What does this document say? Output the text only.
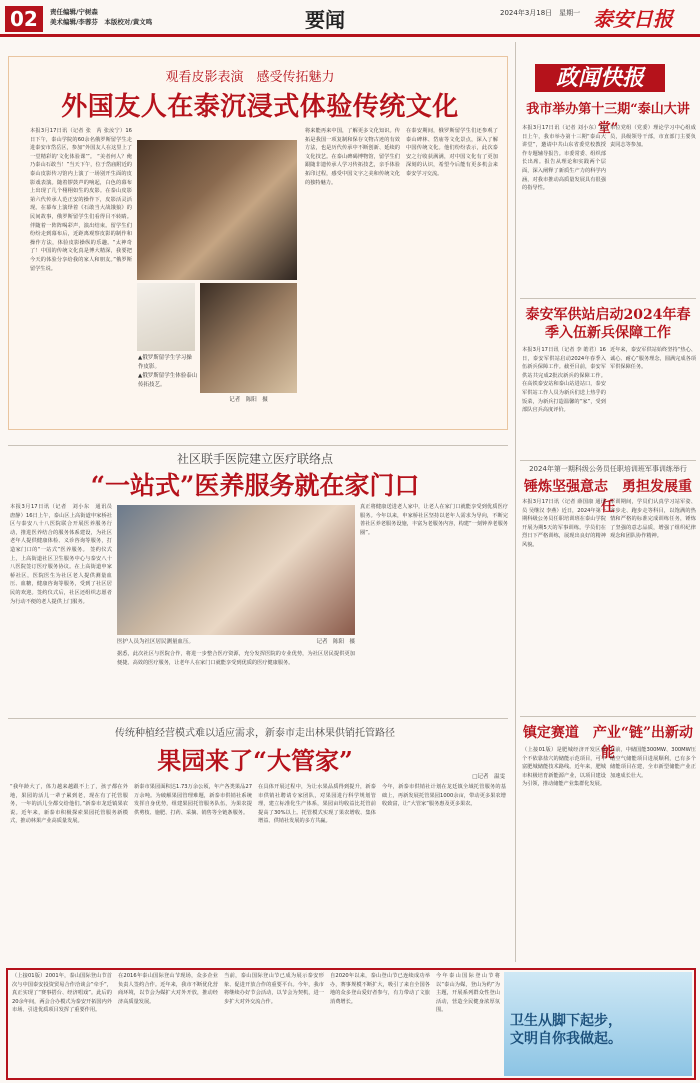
02	责任编辑/宁树森
美术编辑/李蓉芬　本版校对/黄文鸣	要闻	2024年3月18日　星期一 泰安日报
观看皮影表演　感受传拓魅力
外国友人在泰沉浸式体验传统文化
本报3月17日讯（记者 张　芮 张汝宁）16日下午，泰山学院的60余名俄罗斯留学生走进泰安市岱岳区，参加“外国友人在这里上了一堂精彩的‘文化体验课’”。 “美者何人？俺乃泰山石敢当！”当天下午，位于岱庙附近的泰山皮影传习馆内上演了一场别开生面的皮影戏表演。随着锣鼓声的响起，白色的幕布上出现了几个栩栩如生的皮影。在泰山皮影第六代传承人范正安的操作下，皮影活灵活现。在幕布上演绎着《石敢当大战饿狼》的民间故事，俄罗斯留学生们看得目不转睛。 伴随着一阵阵喝彩声，演出结束。留学生们纷纷走到幕布后，近距离观察皮影的制作和操作方法，体验皮影操纵的乐趣。“太神奇了！中国的传统文化真是博大精深，我要把今天的体验分享给我的家人和朋友。”俄罗斯留学生说。
▲俄罗斯留学生学习操作皮影。
▲俄罗斯留学生体验泰山传拓技艺。
记者　陈阳　摄
将来能再来中国，了解更多文化知识。传拓是我国一项复制和保存文物古迹的有效方法，也是历代传承中不断创新、延续的文化技艺。在泰山碑碣博物馆，留学生们跟随非遗传承人学习传拓技艺，亲手体验拓印过程，感受中国文字之美和传统文化的独特魅力。
在泰安期间，俄罗斯留学生们还参观了泰山碑林、岱庙等文化景点，深入了解中国传统文化。他们纷纷表示，此次泰安之行收获满满，对中国文化有了更加深刻的认识，希望今后能有更多机会来泰安学习交流。
社区联手医院建立医疗联络点
“一站式”医养服务就在家门口
本报3月17日讯（记者　刘小东　通讯员　唐静）16日上午，泰山区上高街道申家桥社区与泰安八十八医院联合开展医养服务行动，推进医养结合的服务体系建设，为社区老年人提供健康体检、义诊咨询等服务，打造家门口的“一站式”医养服务。 签约仪式上，上高街道社区卫生服务中心与泰安八十八医院签订医疗服务协议。在上高街道申家桥社区，医院医生为社区老人提供测量血压、血糖，健康咨询等服务，受到了社区居民的欢迎。签约仪式后，社区还组织志愿者为行动不便的老人提供上门服务。
医护人员为社区居民测量血压。	记者　陈阳　摄
据悉，此次社区与医院合作，将进一步整合医疗资源，充分发挥医院的专业优势，为社区居民提供更加便捷、高效的医疗服务，让老年人在家门口就能享受到优质的医疗健康服务。
真正将健康送进老人家中，让老人在家门口就能享受到优质医疗服务。今年以来，申家桥社区坚持以老年人需求为导向，不断完善社区养老服务设施，丰富为老服务内容，构建“一刻钟养老服务圈”。
传统种植经营模式难以适应需求，新泰市走出林果供销托管路径
果园来了“大管家”
□记者　温雯
“我年龄大了，体力越来越跟不上了，孩子都在外地，果园的活儿一辈子累到老，现在有了托管服务，一年的活儿全都交给他们。”新泰市龙廷镇果农说。近年来，新泰市积极探索果园托管服务新模式，推动林果产业高质量发展。
新泰市果园面积达1.73万余公顷，年产各类果品27万余吨。为破解果园管理难题，新泰市供销社系统发挥自身优势，组建果园托管服务队伍，为果农提供剪枝、施肥、打药、采摘、销售等全链条服务。
在具体开展过程中，为让水果品质得到提升，新泰市供销社聘请专家团队，对果园进行科学规划管理，建立标准化生产体系，果园亩均收益比托管前提高了30%以上。托管模式实现了果农增收、集体增益、供销社发展的多方共赢。
今年，新泰市供销社计划在龙廷镇全域托管服务的基础上，再新发展托管果园1000余亩，带动更多果农增收致富，让“大管家”服务惠及更多果农。
政闻快报
我市举办第十三期“泰山大讲堂”
本报3月17日讯（记者 刘小东）16日上午，我市举办第十三期“泰山大讲堂”，邀请中共山东省委党校教授作专题辅导报告。市委常委、组织部长出席。报告从理论和实践两个层面，深入阐释了新质生产力的科学内涵，对我市推动高质量发展具有很强的指导性。
单位党组（党委）理论学习中心组成员，县级领导干部，市直部门主要负责同志等参加。
泰安军供站启动2024年春季入伍新兵保障工作
本报3月17日讯（记者 李 皓君）16日，泰安军供站启动2024年春季入伍新兵保障工作。截至目前，泰安军供站共完成2批次新兵的保障工作。在高铁泰安站和泰山站进站口，泰安军供站工作人员为新兵们送上热乎的饭菜，为新兵打造温馨的“家”，受到部队官兵高度评价。
近年来，泰安军供站始终坚持“热心、诚心、耐心”服务理念，圆满完成各项军供保障任务。
2024年第一期科级公务员任职培训班军事训练举行
锤炼坚强意志　勇担发展重任
本报3月17日讯（记者 薛国康 通讯员 吴继汉 李燕）近日，2024年第一期科级公务员任职培训班在泰山学院开展为期5天的军事训练。学员们在烈日下严格训练，展现出良好的精神风貌。
军训期间，学员们认真学习站军姿、齐步走、跑步走等科目，以饱满的热情和严格的标准完成训练任务，锤炼了坚强的意志品质，增强了组织纪律观念和团队协作精神。
镇定赛道　产业“链”出新动能
（上接01版）是肥城经济开发区首个不依靠盐穴的储能示范项目，可丰富肥城储能技术路线。近年来，肥城市积极培育新能源产业，以项目建设为引领，推动储能产业集群化发展。
目前，中储国能300MW、300MW压缩空气储能项目进展顺利，已有多个储能项目在建，全市新型储能产业正加速成长壮大。
（上接01版）2001年，泰山国际登山节首次与中国泰安投资贸易合作洽谈会“牵手”，真正实现了“赛事搭台、经济唱戏”。此后的20余年间，两会合办模式为泰安开拓国内外市场、引进优质项目发挥了重要作用。
在2016年泰山国际登山节现场，众多企业负责人签约合作。近年来，我市不断优化营商环境，以节会为媒扩大对外开放，推动经济高质量发展。
当前，泰山国际登山节已成为展示泰安形象、促进开放合作的重要平台。今年，我市将继续办好节会活动，以节会为契机，进一步扩大对外交流合作。
自2020年以来，泰山登山节已连续成功举办，赛事规模不断扩大，吸引了来自全国各地的众多登山爱好者参与，有力带动了文旅消费增长。
今年泰山国际登山节将以“泰山为媒，登山为约”为主题，开展系列群众性登山活动，营造全民健身浓厚氛围。
卫生从脚下起步，
文明自你我做起。
